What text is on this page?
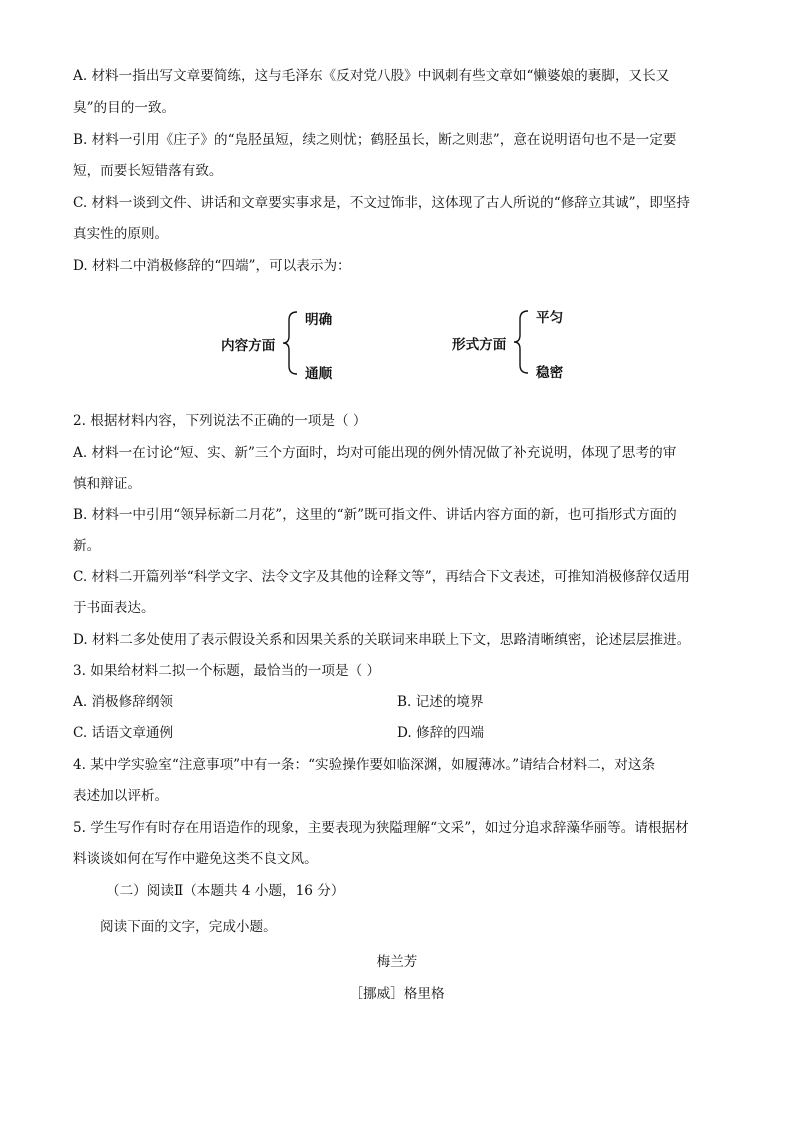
A. 材料一指出写文章要简练，这与毛泽东《反对党八股》中讽刺有些文章如“懒婆娘的裹脚，又长又
臭”的目的一致。
B. 材料一引用《庄子》的“凫胫虽短，续之则忧；鹤胫虽长，断之则悲”，意在说明语句也不是一定要
短，而要长短错落有致。
C. 材料一谈到文件、讲话和文章要实事求是，不文过饰非，这体现了古人所说的“修辞立其诚”，即坚持
真实性的原则。
D. 材料二中消极修辞的“四端”，可以表示为：
内容方面
明确
通顺
形式方面
平匀
稳密
2. 根据材料内容，下列说法不正确的一项是（ ）
A. 材料一在讨论“短、实、新”三个方面时，均对可能出现的例外情况做了补充说明，体现了思考的审
慎和辩证。
B. 材料一中引用“领异标新二月花”，这里的“新”既可指文件、讲话内容方面的新，也可指形式方面的
新。
C. 材料二开篇列举“科学文字、法令文字及其他的诠释文等”，再结合下文表述，可推知消极修辞仅适用
于书面表达。
D. 材料二多处使用了表示假设关系和因果关系的关联词来串联上下文，思路清晰缜密，论述层层推进。
3. 如果给材料二拟一个标题，最恰当的一项是（ ）
A. 消极修辞纲领	B. 记述的境界
C. 话语文章通例	D. 修辞的四端
4. 某中学实验室“注意事项”中有一条：“实验操作要如临深渊，如履薄冰。”请结合材料二，对这条
表述加以评析。
5. 学生写作有时存在用语造作的现象，主要表现为狭隘理解“文采”，如过分追求辞藻华丽等。请根据材
料谈谈如何在写作中避免这类不良文风。
（二）阅读Ⅱ（本题共 4 小题，16 分）
阅读下面的文字，完成小题。
梅兰芳
［挪威］格里格
